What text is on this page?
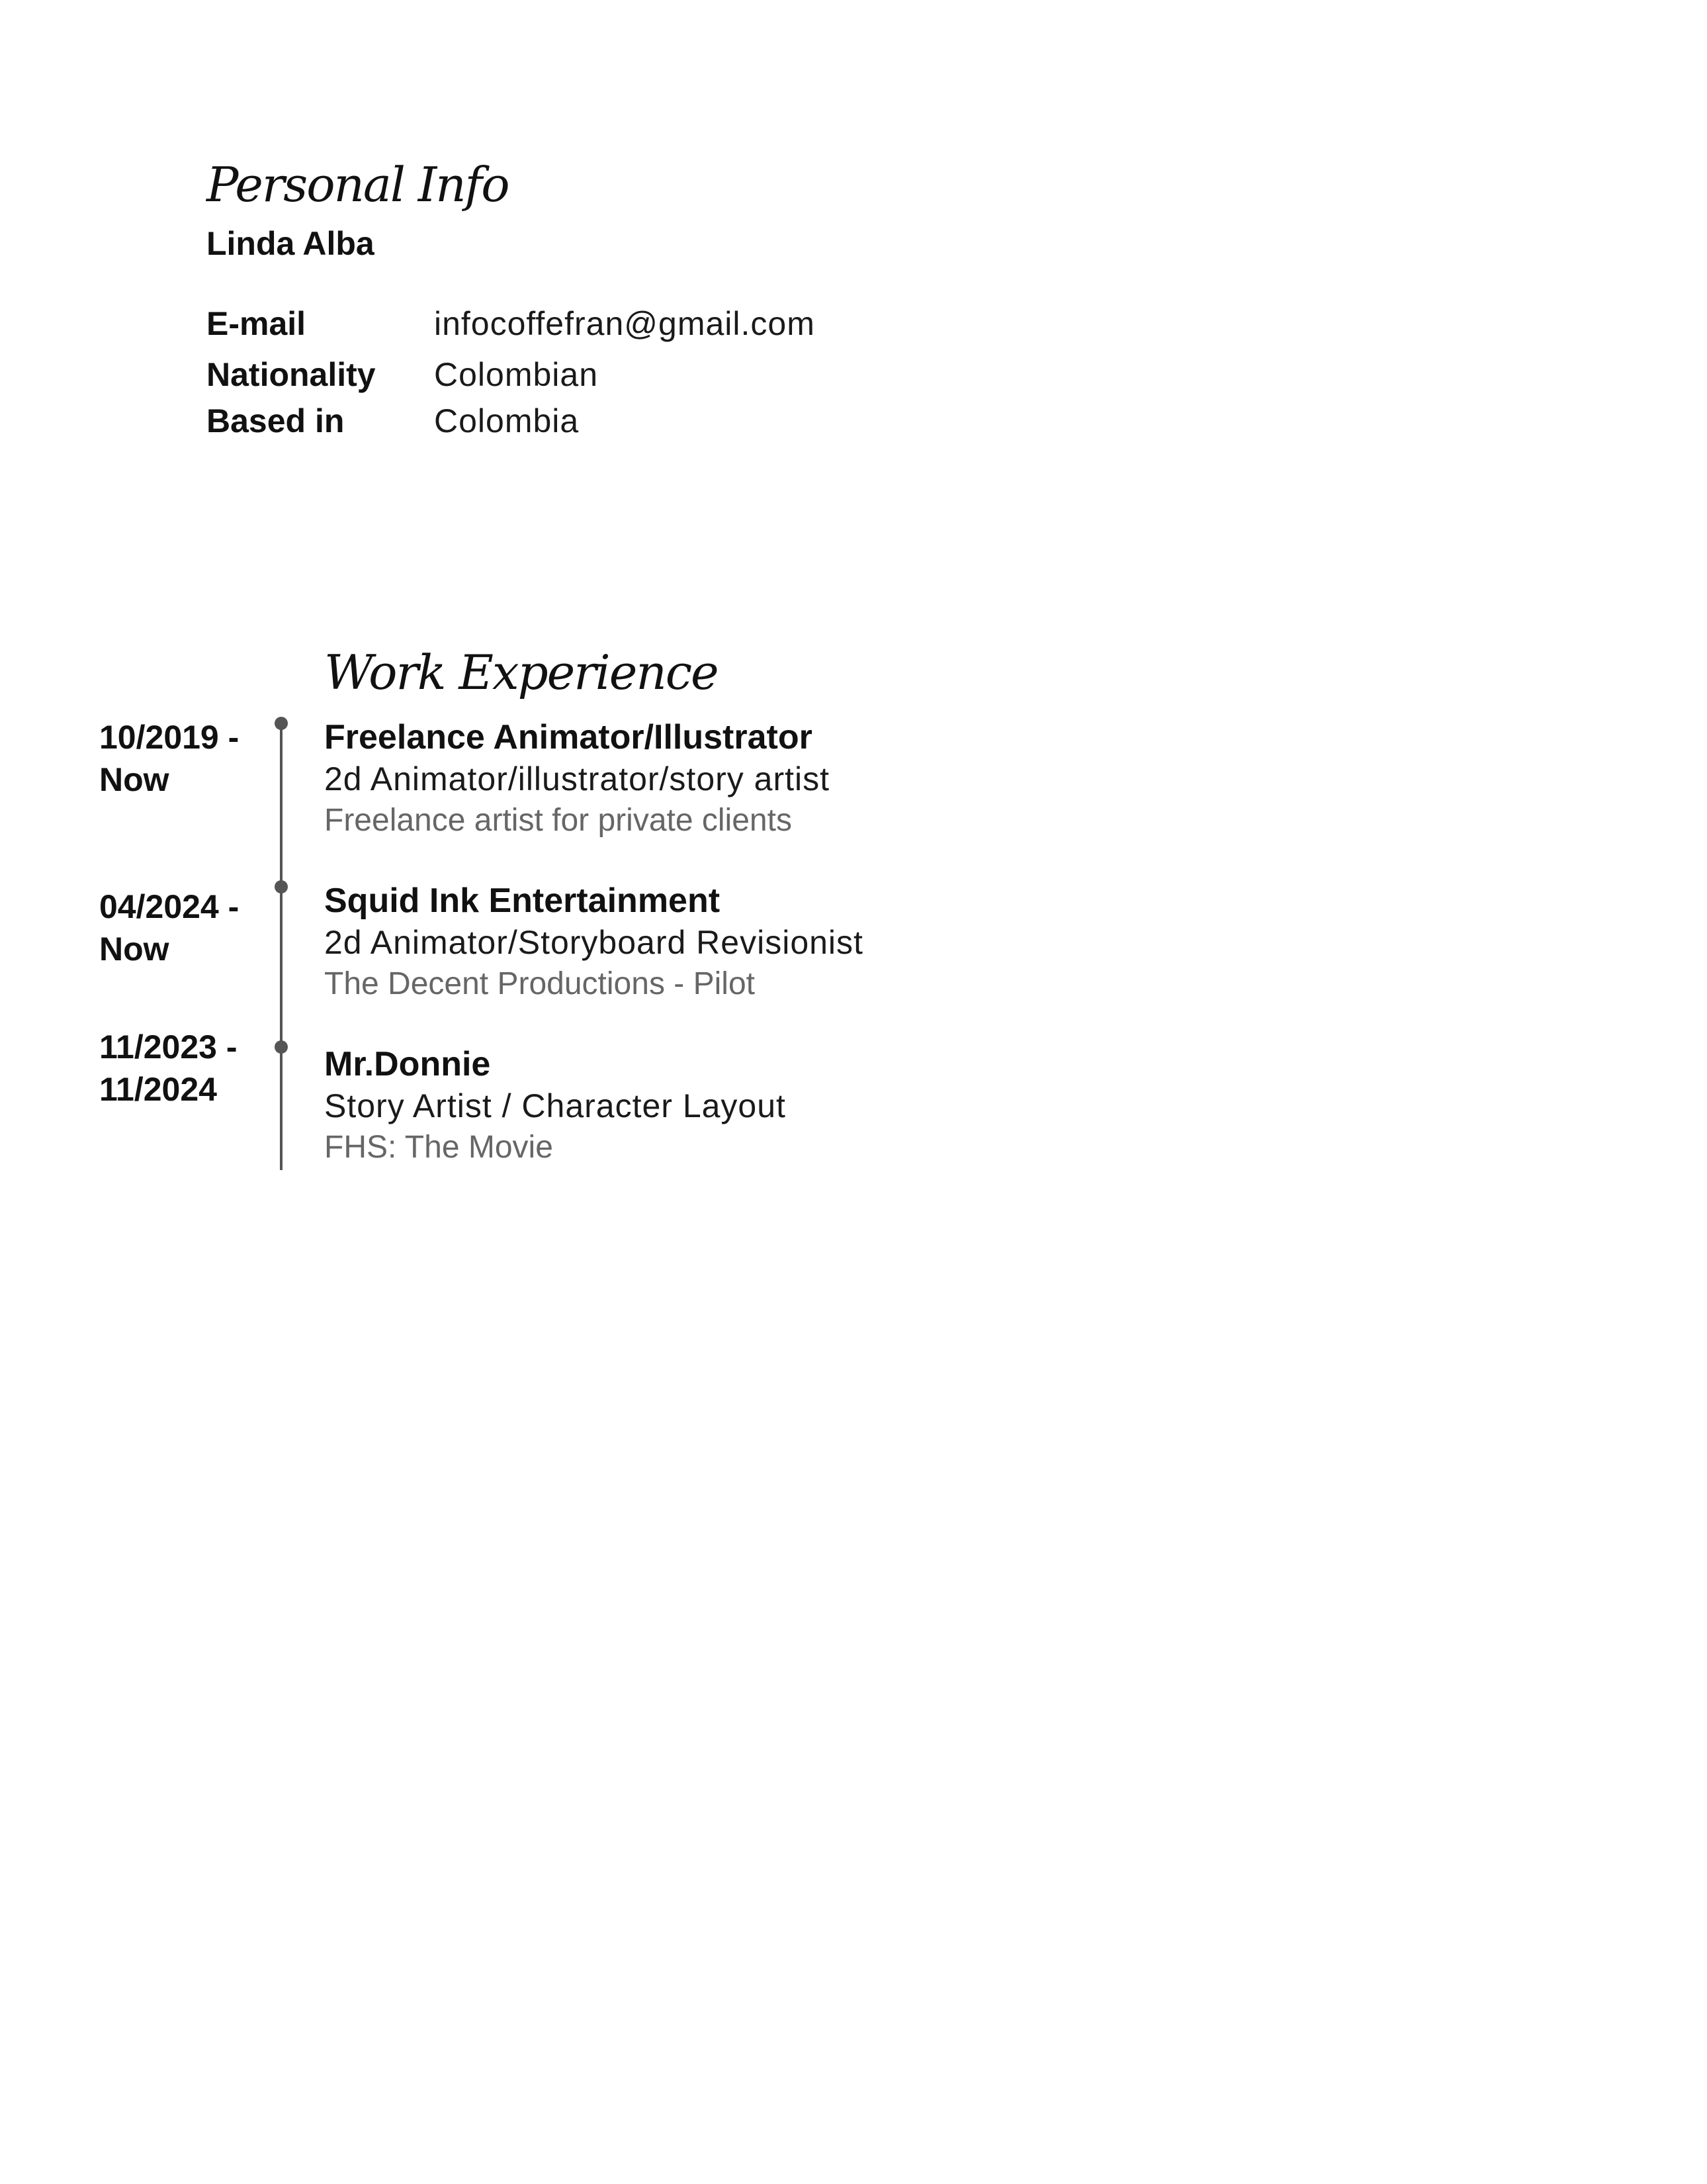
Personal Info
Linda Alba
E-mail	infocoffefran@gmail.com
Nationality Colombian
Based in	Colombia
Work Experience
10/2019 -
Now
Freelance Animator/Illustrator
2d Animator/illustrator/story artist
Freelance artist for private clients
04/2024 -
Now
Squid Ink Entertainment
2d Animator/Storyboard Revisionist
The Decent Productions - Pilot
11/2023 -
11/2024
Mr.Donnie
Story Artist / Character Layout
FHS: The Movie
